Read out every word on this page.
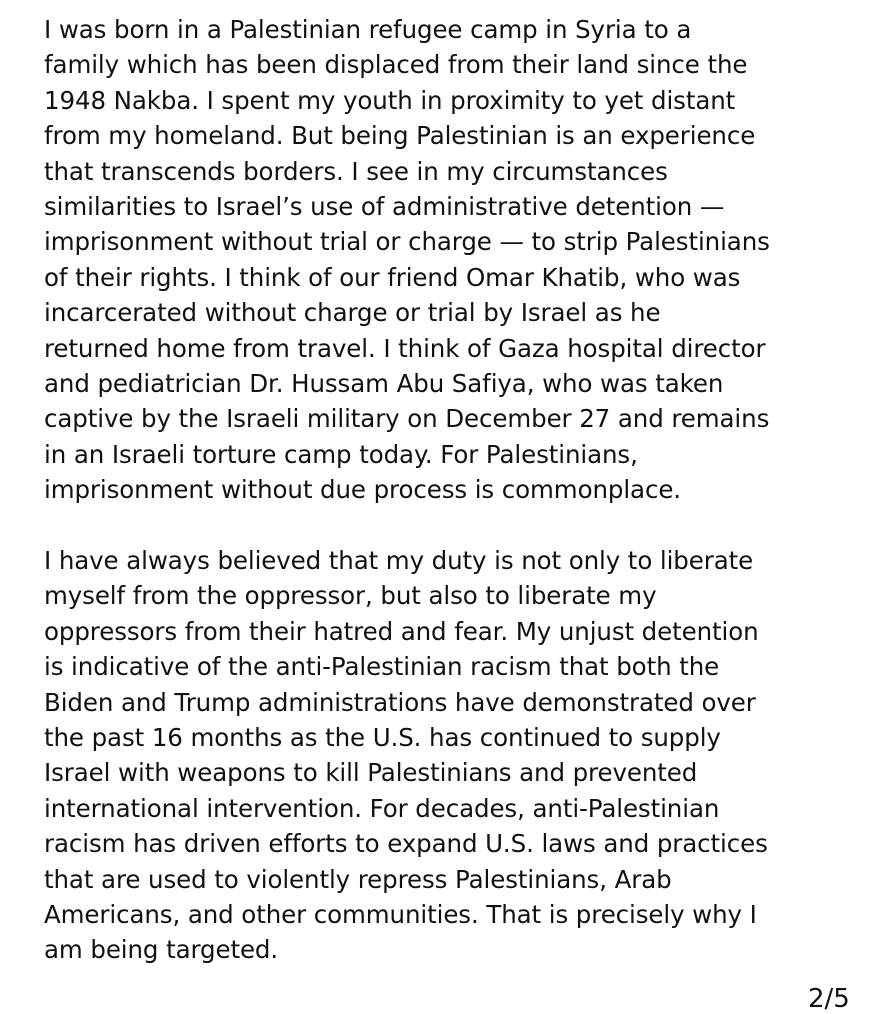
I was born in a Palestinian refugee camp in Syria to a
family which has been displaced from their land since the
1948 Nakba. I spent my youth in proximity to yet distant
from my homeland. But being Palestinian is an experience
that transcends borders. I see in my circumstances
similarities to Israel’s use of administrative detention —
imprisonment without trial or charge — to strip Palestinians
of their rights. I think of our friend Omar Khatib, who was
incarcerated without charge or trial by Israel as he
returned home from travel. I think of Gaza hospital director
and pediatrician Dr. Hussam Abu Safiya, who was taken
captive by the Israeli military on December 27 and remains
in an Israeli torture camp today. For Palestinians,
imprisonment without due process is commonplace.
I have always believed that my duty is not only to liberate
myself from the oppressor, but also to liberate my
oppressors from their hatred and fear. My unjust detention
is indicative of the anti-Palestinian racism that both the
Biden and Trump administrations have demonstrated over
the past 16 months as the U.S. has continued to supply
Israel with weapons to kill Palestinians and prevented
international intervention. For decades, anti-Palestinian
racism has driven efforts to expand U.S. laws and practices
that are used to violently repress Palestinians, Arab
Americans, and other communities. That is precisely why I
am being targeted.
2/5
